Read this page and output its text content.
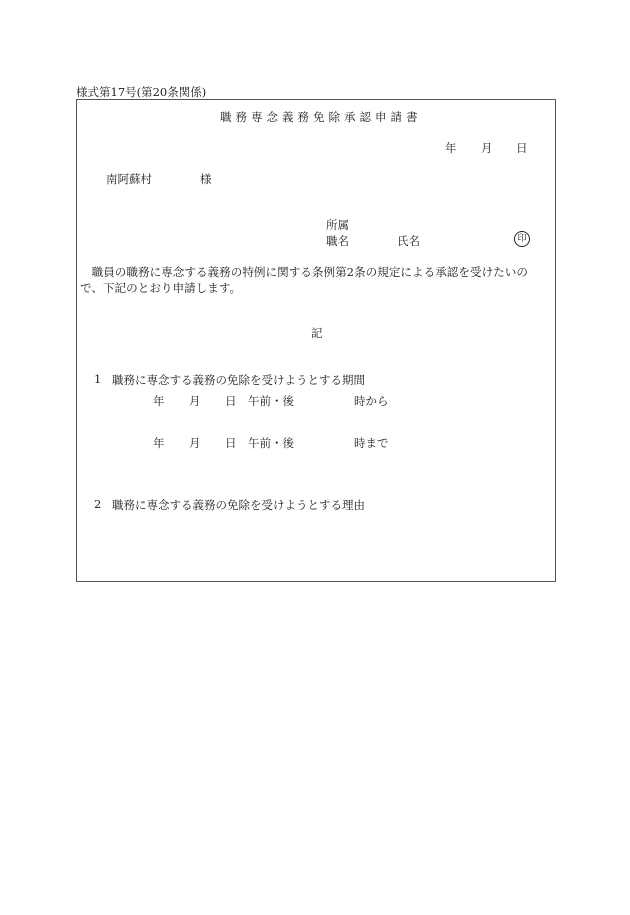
様式第17号(第20条関係)
職務専念義務免除承認申請書
年 月 日
南阿蘇村	様
所属
職名	氏名	印
　職員の職務に専念する義務の特例に関する条例第2条の規定による承認を受けたいの
で、下記のとおり申請します。
記
1 職務に専念する義務の免除を受けようとする期間
年 月 日 午前・後	時から
年 月 日 午前・後	時まで
2 職務に専念する義務の免除を受けようとする理由
